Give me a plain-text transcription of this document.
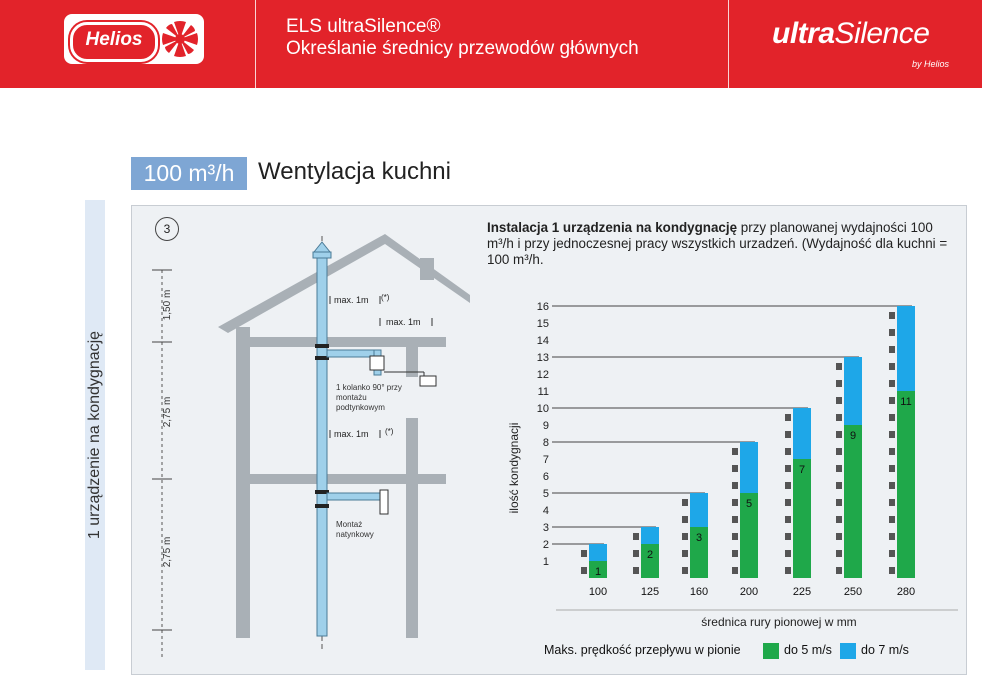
Helios
ELS ultraSilence®
Określanie średnicy przewodów głównych	ultraSilence
by Helios
100 m³/h Wentylacja kuchni
1 urządzenie na kondygnację
3
1,50 m
2,75 m
2,75 m
max. 1m (*)
max. 1m
max. 1m (*)
1 kolanko 90° przy montażu podtynkowym
Montaż natynkowy
Instalacja 1 urządzenia na kondygnację przy planowanej wydajności 100 m³/h i przy jednoczesnej pracy wszystkich urzadzeń. (Wydajność dla kuchni = 100 m³/h.
ilość kondygnacji
średnica rury pionowej w mm
1
2
3
4
5
6
7
8
9
10
11
12
13
14
15
16
1
100
2
125
3
160
5
200
7
225
9
250
11
280
Maks. prędkość przepływu w pionie	do 5 m/s do 7 m/s
